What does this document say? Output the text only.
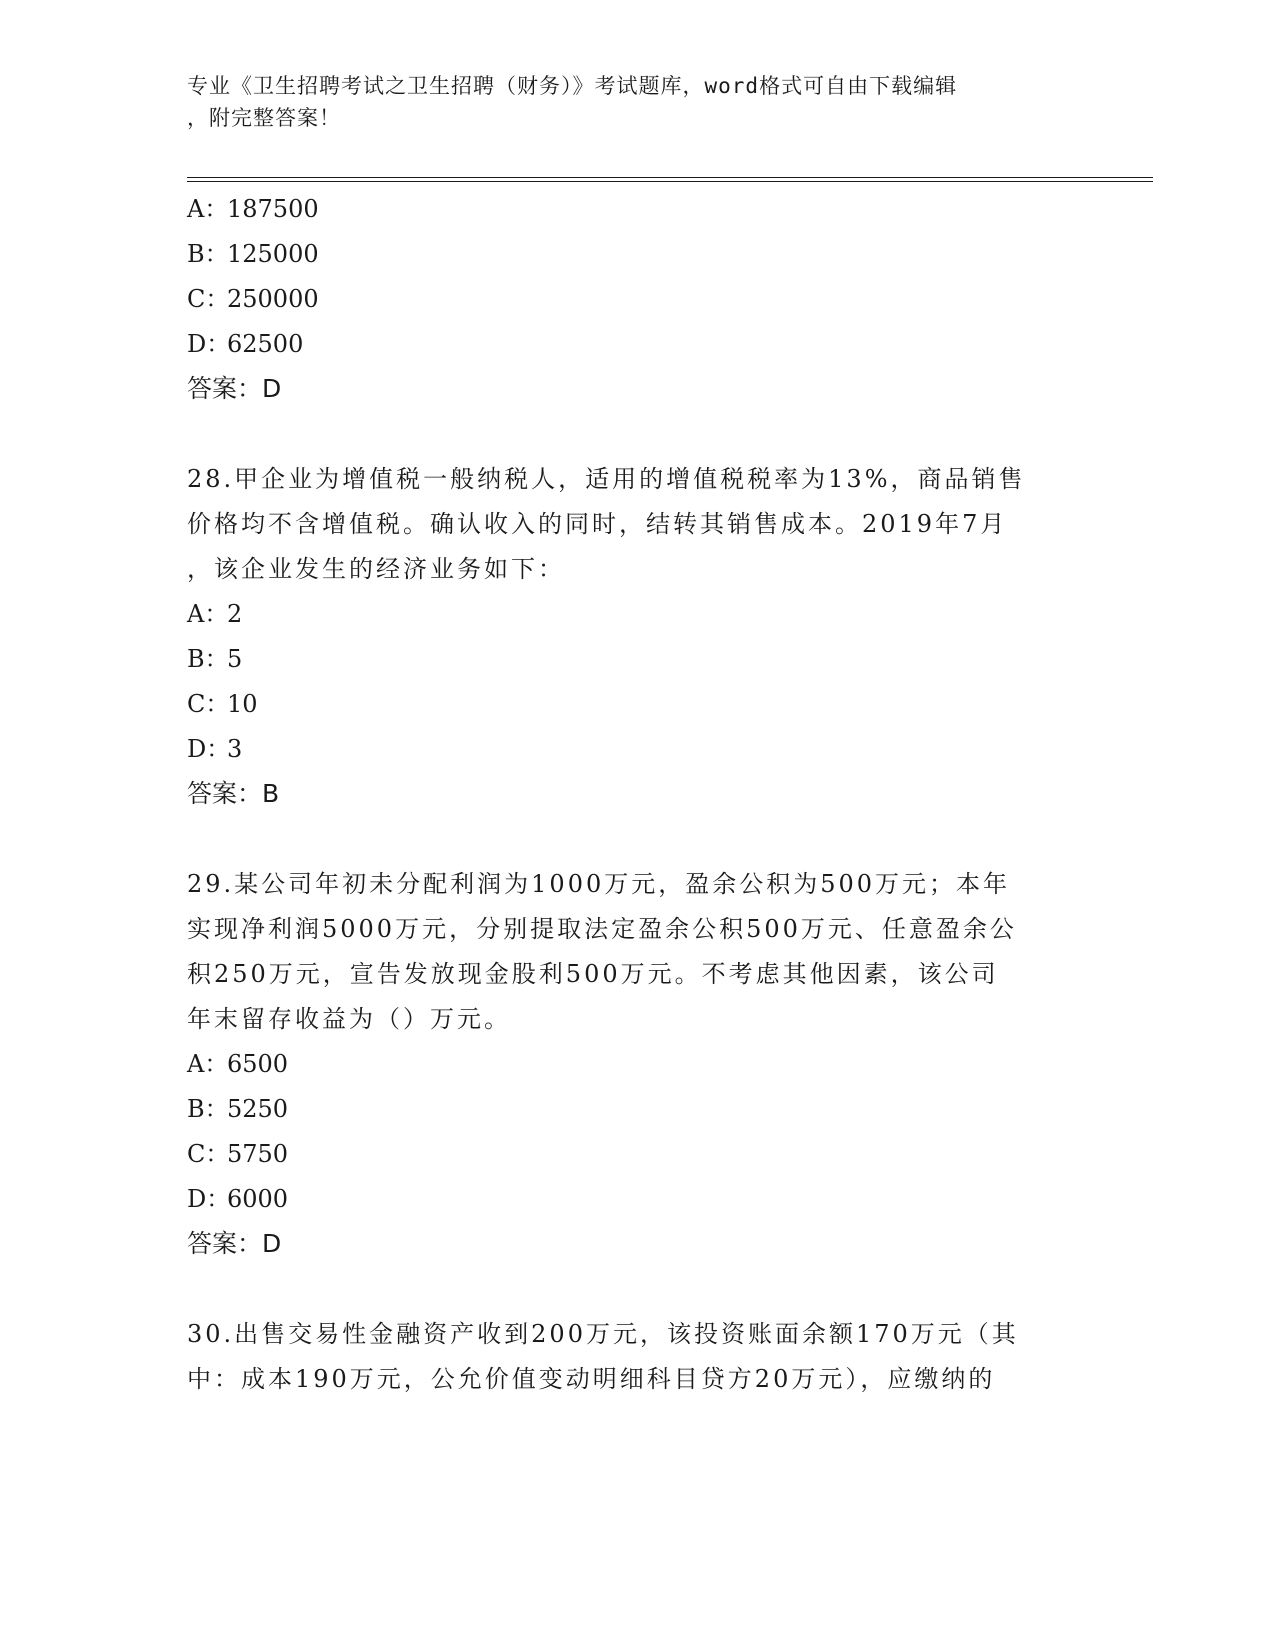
专业《卫生招聘考试之卫生招聘（财务）》考试题库，word格式可自由下载编辑
，附完整答案！
A：187500
B：125000
C：250000
D：62500
答案：D
28.甲企业为增值税一般纳税人，适用的增值税税率为13%，商品销售
价格均不含增值税。确认收入的同时，结转其销售成本。2019年7月
，该企业发生的经济业务如下：
A：2
B：5
C：10
D：3
答案：B
29.某公司年初未分配利润为1000万元，盈余公积为500万元；本年
实现净利润5000万元，分别提取法定盈余公积500万元、任意盈余公
积250万元，宣告发放现金股利500万元。不考虑其他因素，该公司
年末留存收益为（）万元。
A：6500
B：5250
C：5750
D：6000
答案：D
30.出售交易性金融资产收到200万元，该投资账面余额170万元（其
中：成本190万元，公允价值变动明细科目贷方20万元），应缴纳的
